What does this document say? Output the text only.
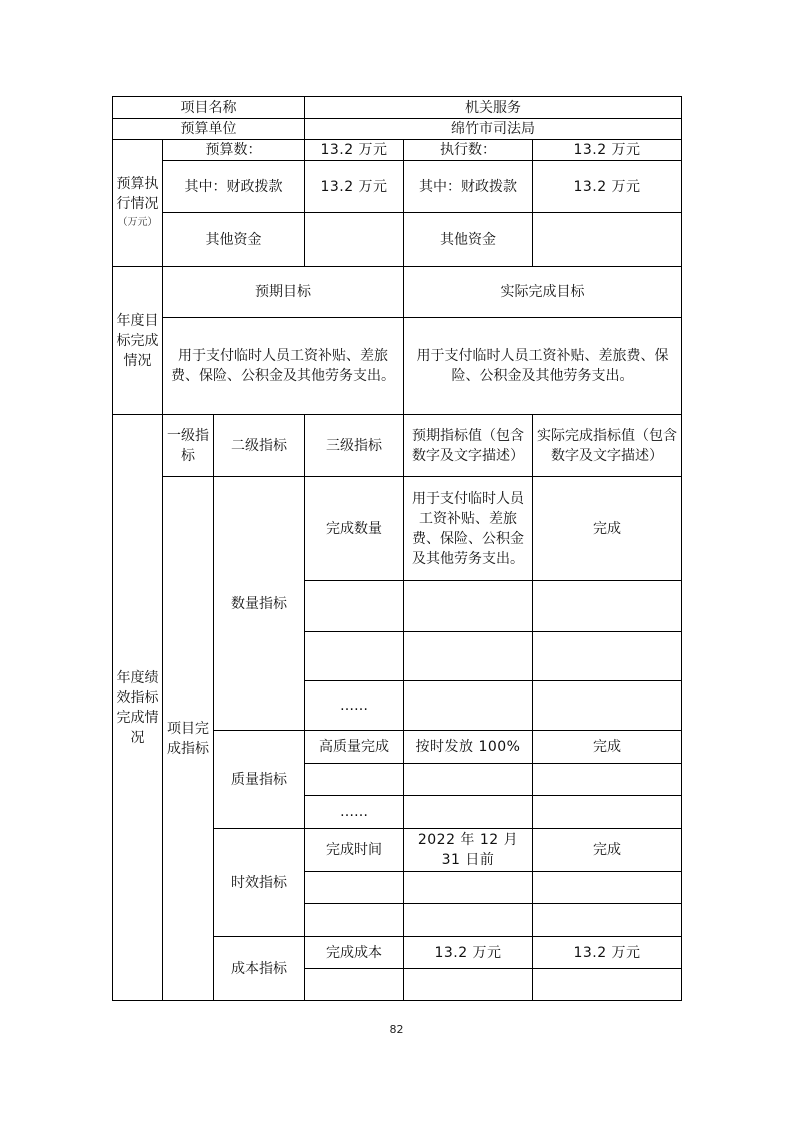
项目名称			机关服务		
预算单位			绵竹市司法局		
预算执行情况
（万元）	预算数：		13.2 万元	执行数：	13.2 万元
	其中：财政拨款		13.2 万元	其中：财政拨款	13.2 万元
	其他资金			其他资金	
年度目标完成情况	预期目标			实际完成目标	
	用于支付临时人员工资补贴、差旅费、保险、公积金及其他劳务支出。			用于支付临时人员工资补贴、差旅费、保险、公积金及其他劳务支出。	
年度绩效指标完成情况	一级指标	二级指标	三级指标	预期指标值（包含数字及文字描述）	实际完成指标值（包含数字及文字描述）
	项目完成指标	数量指标	完成数量	用于支付临时人员工资补贴、差旅费、保险、公积金及其他劳务支出。	完成

			……		
		质量指标	高质量完成	按时发放 100%	完成

			……		
		时效指标	完成时间	2022 年 12 月 31 日前	完成

		成本指标	完成成本	13.2 万元	13.2 万元

82
